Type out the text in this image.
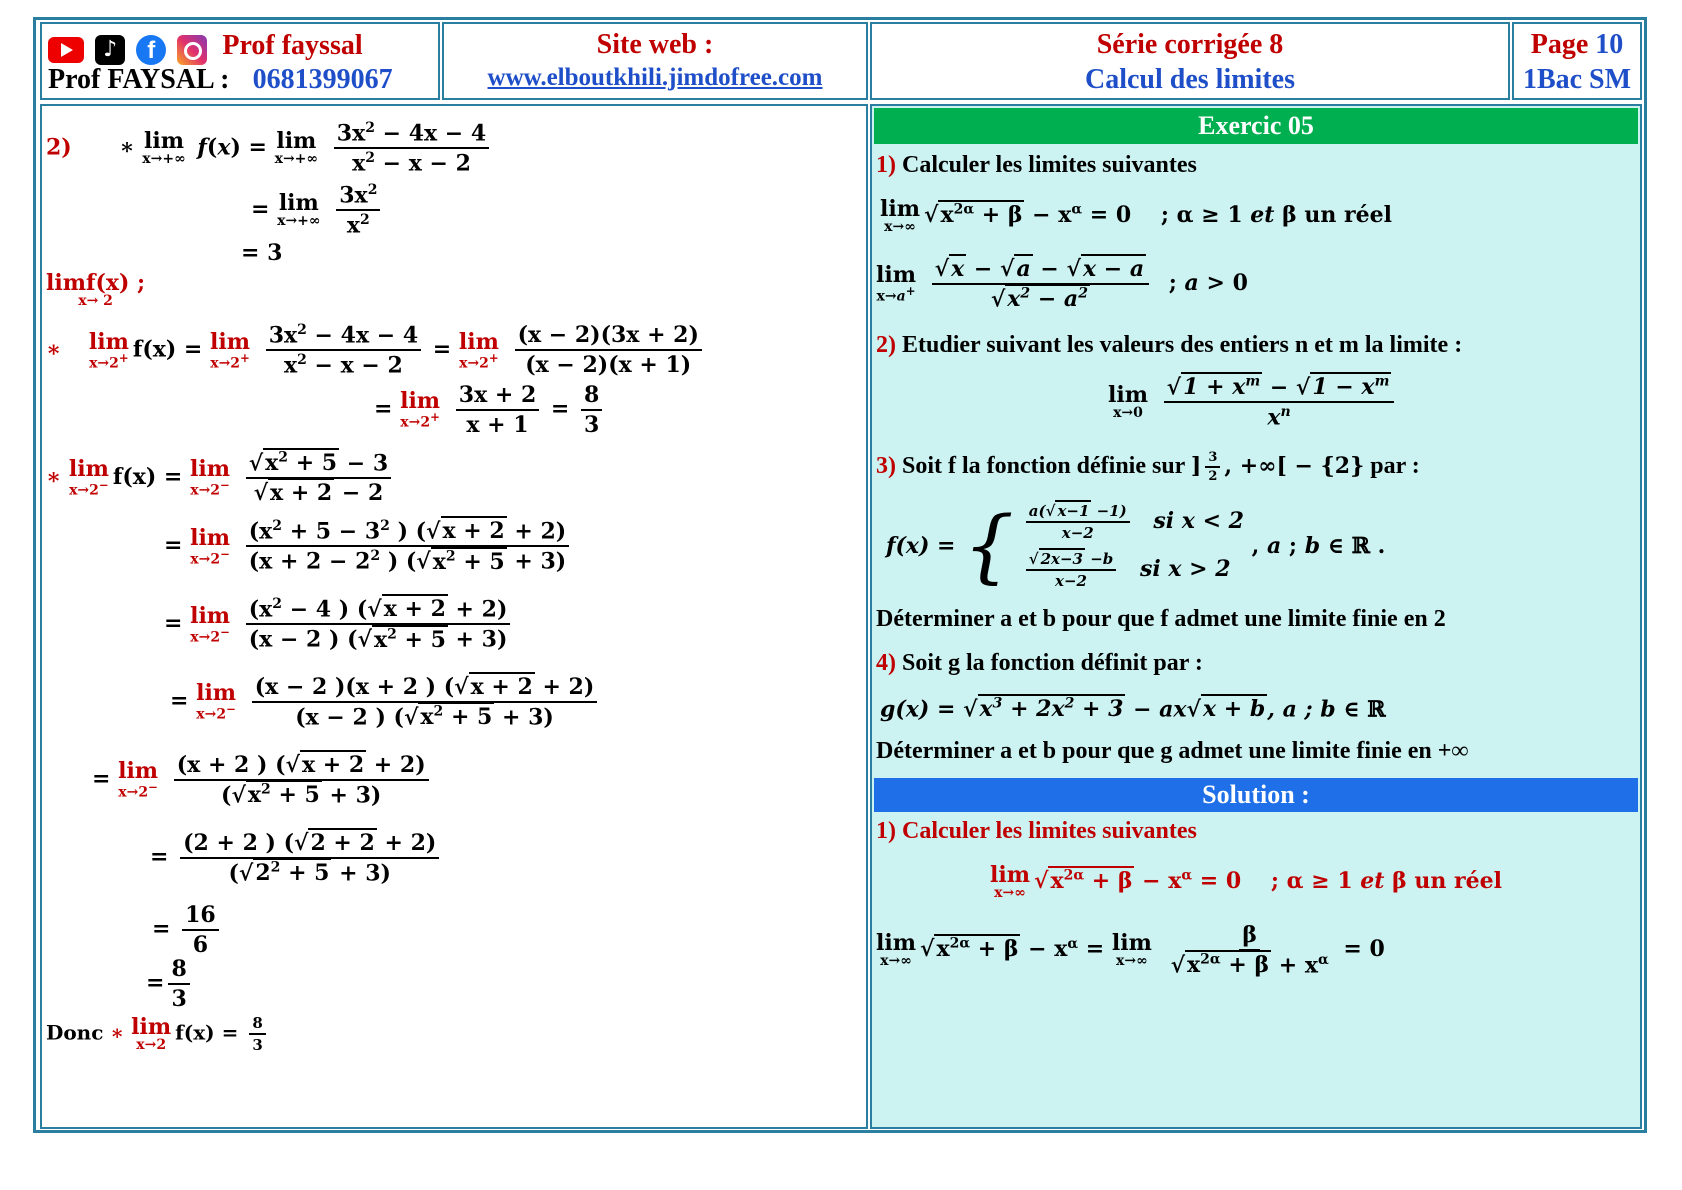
♪ f Prof fayssal
Prof FAYSAL : 0681399067
Site web :
www.elboutkhili.jimdofree.com
Série corrigée 8
Calcul des limites
Page 10
1Bac SM
2) ∗ lim
x→+∞ f(x) = lim
x→+∞
$\frac{3x^2 - 4x - 4}{x^2 - x - 2}$
= lim
x→+∞
$\frac{3x^2}{x^2}$
= 3
limf(x) ;
x→ 2
∗ lim
x→2+ f(x) = lim
x→2+
$\frac{3x^2 - 4x - 4}{x^2 - x - 2} = \lim$
x→2+
$\frac{(x - 2)(3x + 2)}{(x - 2)(x + 1)}$
= lim
x→2+
$\frac{3x + 2}{x + 1} = \frac{8}{3}$
∗ lim
x→2− f(x) = lim
x→2−
$\frac{√x^2 + 5 - 3}{√x + 2 - 2}$
= lim
x→2−
$\frac{(x^2 + 5 - 3^2 ) (√x + 2 + 2)}{(x + 2 - 2^2 ) (√x^2 + 5 + 3)}$
= lim
x→2−
$\frac{(x^2 - 4 ) (√x + 2 + 2)}{(x - 2 ) (√x^2 + 5 + 3)}$
= lim
x→2−
$\frac{(x - 2 )(x + 2 ) (√x + 2 + 2)}{(x - 2 ) (√x^2 + 5 + 3)}$
= lim
x→2−
$\frac{(x + 2 ) (√x + 2 + 2)}{(√x^2 + 5 + 3)}$
= $\frac{(2 + 2 ) (√2 + 2 + 2)}{(√2^2 + 5 + 3)}$
= $\frac{16}{6}$
= $\frac{8}{3}$
Donc ∗ lim
x→2
$f(x) = \frac{8}{3}$
Exercic 05
1) Calculer les limites suivantes
lim
x→∞ $√x^{2\alpha} + \beta - x^\alpha = 0$ ; α ≥ 1 et β un réel
lim
x→a+
$\frac{√x - √a - √x - a}{√x^2 - a^2}$ ; a > 0
2) Etudier suivant les valeurs des entiers n et m la limite :
lim
x→0
$\frac{√1 + x^m - √1 - x^m}{x^n}$
3) Soit f la fonction définie sur ] $\frac{3}{2}$ , +∞[ − {2} par :
f(x) = { $\frac{a(√ x-1 -1)}{x-2}$ si x < 2
$\frac{√ 2x-3 -b}{x-2}$ si x > 2
, a ; b ∈ ℝ .
Déterminer a et b pour que f admet une limite finie en 2
4) Soit g la fonction définit par :
$g(x) = √x^3 + 2x^2 + 3 - ax√x + b$, a ; b ∈ ℝ
Déterminer a et b pour que g admet une limite finie en +∞
Solution :
1) Calculer les limites suivantes
lim
x→∞ $√x^{2\alpha} + \beta - x^\alpha = 0$ ; α ≥ 1 et β un réel
lim
x→∞ $√x^{2\alpha} + \beta - x^\alpha = \lim$
x→∞
$\frac{\beta}{√x^{2\alpha} + \beta + x^\alpha} = 0$
